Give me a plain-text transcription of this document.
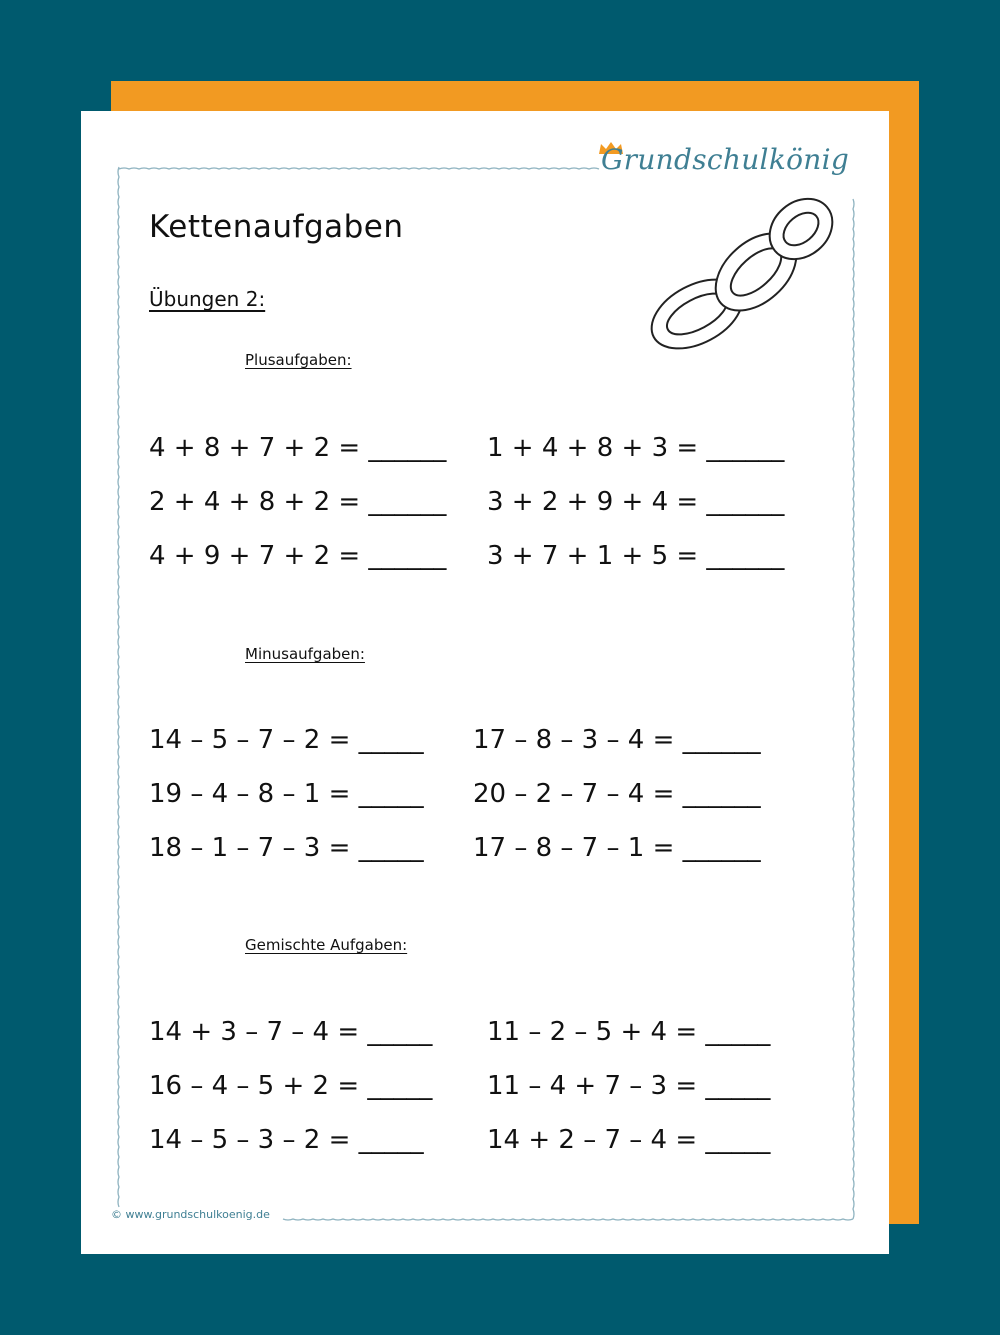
Grundschulkönig
Kettenaufgaben
Übungen 2:
Plusaufgaben:
4 + 8 + 7 + 2 = ______ 1 + 4 + 8 + 3 = ______
2 + 4 + 8 + 2 = ______ 3 + 2 + 9 + 4 = ______
4 + 9 + 7 + 2 = ______ 3 + 7 + 1 + 5 = ______
Minusaufgaben:
14 – 5 – 7 – 2 = _____ 17 – 8 – 3 – 4 = ______
19 – 4 – 8 – 1 = _____ 20 – 2 – 7 – 4 = ______
18 – 1 – 7 – 3 = _____ 17 – 8 – 7 – 1 = ______
Gemischte Aufgaben:
14 + 3 – 7 – 4 = _____ 11 – 2 – 5 + 4 = _____
16 – 4 – 5 + 2 = _____ 11 – 4 + 7 – 3 = _____
14 – 5 – 3 – 2 = _____ 14 + 2 – 7 – 4 = _____
© www.grundschulkoenig.de
